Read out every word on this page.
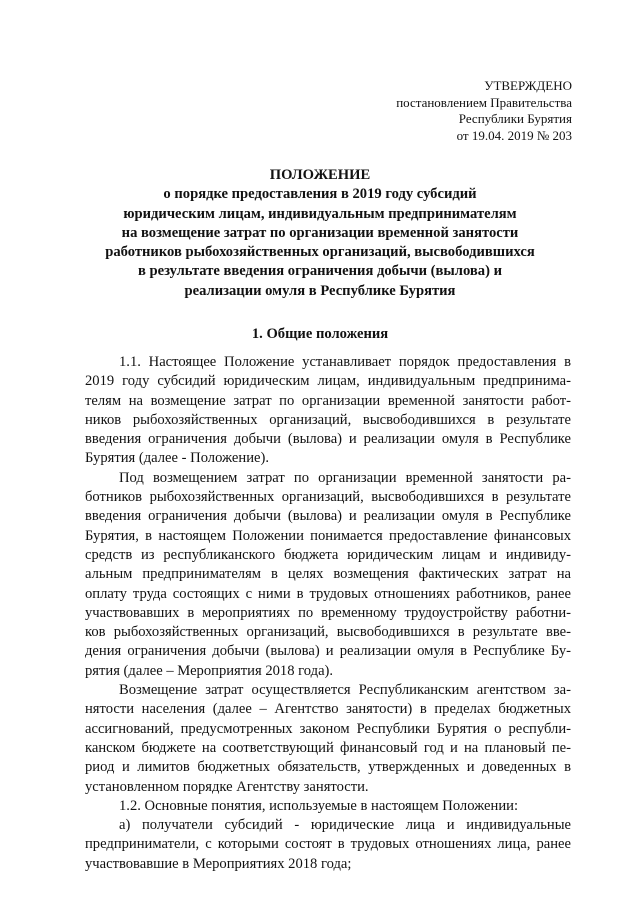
УТВЕРЖДЕНО
постановлением Правительства
Республики Бурятия
от 19.04. 2019 № 203
ПОЛОЖЕНИЕ
о порядке предоставления в 2019 году субсидий
юридическим лицам, индивидуальным предпринимателям
на возмещение затрат по организации временной занятости
работников рыбохозяйственных организаций, высвободившихся
в результате введения ограничения добычи (вылова) и
реализации омуля в Республике Бурятия
1. Общие положения
1.1. Настоящее Положение устанавливает порядок предоставления в
2019 году субсидий юридическим лицам, индивидуальным предпринима-
телям на возмещение затрат по организации временной занятости работ-
ников рыбохозяйственных организаций, высвободившихся в результате
введения ограничения добычи (вылова) и реализации омуля в Республике
Бурятия (далее - Положение).
Под возмещением затрат по организации временной занятости ра-
ботников рыбохозяйственных организаций, высвободившихся в результате
введения ограничения добычи (вылова) и реализации омуля в Республике
Бурятия, в настоящем Положении понимается предоставление финансовых
средств из республиканского бюджета юридическим лицам и индивиду-
альным предпринимателям в целях возмещения фактических затрат на
оплату труда состоящих с ними в трудовых отношениях работников, ранее
участвовавших в мероприятиях по временному трудоустройству работни-
ков рыбохозяйственных организаций, высвободившихся в результате вве-
дения ограничения добычи (вылова) и реализации омуля в Республике Бу-
рятия (далее – Мероприятия 2018 года).
Возмещение затрат осуществляется Республиканским агентством за-
нятости населения (далее – Агентство занятости) в пределах бюджетных
ассигнований, предусмотренных законом Республики Бурятия о республи-
канском бюджете на соответствующий финансовый год и на плановый пе-
риод и лимитов бюджетных обязательств, утвержденных и доведенных в
установленном порядке Агентству занятости.
1.2. Основные понятия, используемые в настоящем Положении:
а) получатели субсидий - юридические лица и индивидуальные
предприниматели, с которыми состоят в трудовых отношениях лица, ранее
участвовавшие в Мероприятиях 2018 года;
